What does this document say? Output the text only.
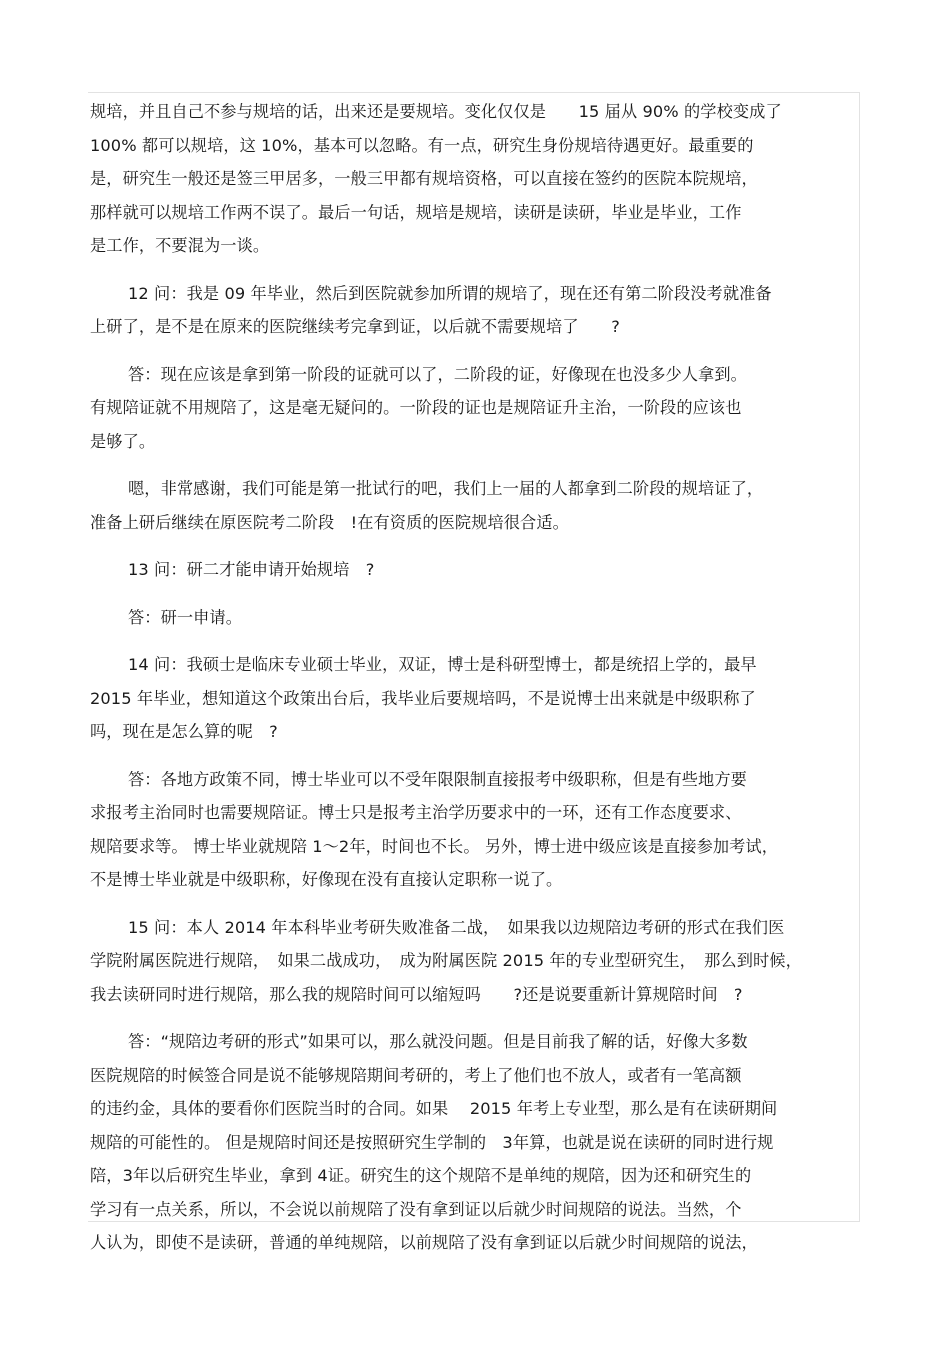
规培，并且自己不参与规培的话，出来还是要规培。变化仅仅是　　15 届从 90% 的学校变成了
100% 都可以规培，这 10%，基本可以忽略。有一点，研究生身份规培待遇更好。最重要的
是，研究生一般还是签三甲居多，一般三甲都有规培资格，可以直接在签约的医院本院规培，
那样就可以规培工作两不误了。最后一句话，规培是规培，读研是读研，毕业是毕业，工作
是工作，不要混为一谈。
12 问：我是 09 年毕业，然后到医院就参加所谓的规培了，现在还有第二阶段没考就准备
上研了，是不是在原来的医院继续考完拿到证，以后就不需要规培了　　?
答：现在应该是拿到第一阶段的证就可以了，二阶段的证，好像现在也没多少人拿到。
有规陪证就不用规陪了，这是毫无疑问的。一阶段的证也是规陪证升主治，一阶段的应该也
是够了。
嗯，非常感谢，我们可能是第一批试行的吧，我们上一届的人都拿到二阶段的规培证了，
准备上研后继续在原医院考二阶段　!在有资质的医院规培很合适。
13 问：研二才能申请开始规培　?
答：研一申请。
14 问：我硕士是临床专业硕士毕业，双证，博士是科研型博士，都是统招上学的，最早
2015 年毕业，想知道这个政策出台后，我毕业后要规培吗，不是说博士出来就是中级职称了
吗，现在是怎么算的呢　?
答：各地方政策不同，博士毕业可以不受年限限制直接报考中级职称，但是有些地方要
求报考主治同时也需要规陪证。博士只是报考主治学历要求中的一环，还有工作态度要求、
规陪要求等。 博士毕业就规陪 1～2年，时间也不长。 另外，博士进中级应该是直接参加考试，
不是博士毕业就是中级职称，好像现在没有直接认定职称一说了。
15 问：本人 2014 年本科毕业考研失败准备二战，　如果我以边规陪边考研的形式在我们医
学院附属医院进行规陪，　如果二战成功，　成为附属医院 2015 年的专业型研究生，　那么到时候，
我去读研同时进行规陪，那么我的规陪时间可以缩短吗　　?还是说要重新计算规陪时间　?
答：“规陪边考研的形式”如果可以，那么就没问题。但是目前我了解的话，好像大多数
医院规陪的时候签合同是说不能够规陪期间考研的，考上了他们也不放人，或者有一笔高额
的违约金，具体的要看你们医院当时的合同。如果　 2015 年考上专业型，那么是有在读研期间
规陪的可能性的。 但是规陪时间还是按照研究生学制的　3年算，也就是说在读研的同时进行规
陪，3年以后研究生毕业，拿到 4证。研究生的这个规陪不是单纯的规陪，因为还和研究生的
学习有一点关系，所以，不会说以前规陪了没有拿到证以后就少时间规陪的说法。当然，个
人认为，即使不是读研，普通的单纯规陪，以前规陪了没有拿到证以后就少时间规陪的说法，
